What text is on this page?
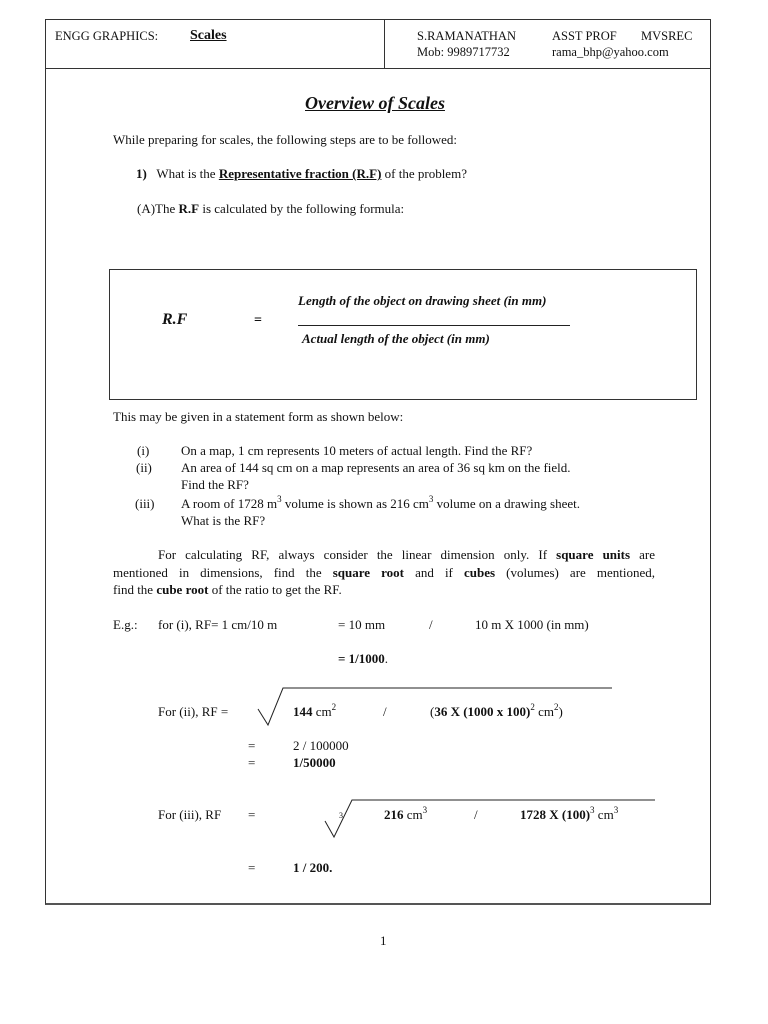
ENGG GRAPHICS: Scales	S.RAMANATHAN	ASST PROF MVSREC
Mob: 9989717732	rama_bhp@yahoo.com
Overview of Scales
While preparing for scales, the following steps are to be followed:
1) What is the Representative fraction (R.F) of the problem?
(A)The R.F is calculated by the following formula:
R.F	=
Length of the object on drawing sheet (in mm)
Actual length of the object (in mm)
This may be given in a statement form as shown below:
(i) On a map, 1 cm represents 10 meters of actual length. Find the RF?
(ii) An area of 144 sq cm on a map represents an area of 36 sq km on the field.
Find the RF?
(iii) A room of 1728 $m^3$ volume is shown as 216 $cm^3$ volume on a drawing sheet.
What is the RF?
For calculating RF, always consider the linear dimension only. If square units are
mentioned in dimensions, find the square root and if cubes (volumes) are mentioned,
find the cube root of the ratio to get the RF.
E.g.: for (i), RF= 1 cm/10 m	= 10 mm	/	10 m X 1000 (in mm)
= 1/1000.
For (ii), RF =	144 $cm^2$	/	(36 X (1000 x 100)$^2$ $cm^2$)
=	2 / 100000
=	1/50000
For (iii), RF =	3	216 $cm^3$	/	1728 X $(100)^3$ $cm^3$
=	1 / 200.
1
